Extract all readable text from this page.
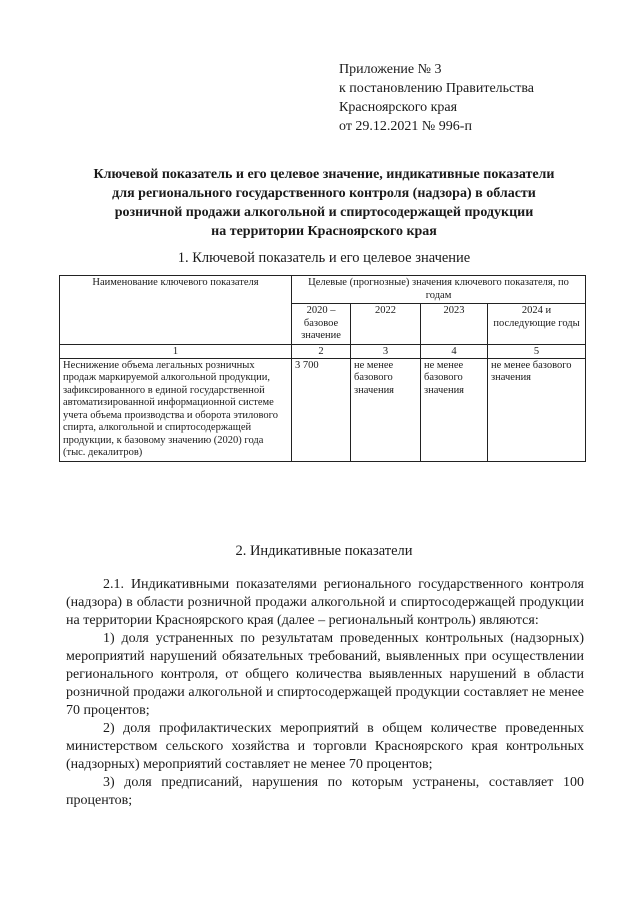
Приложение № 3
к постановлению Правительства
Красноярского края
от 29.12.2021 № 996-п
Ключевой показатель и его целевое значение, индикативные показатели
для регионального государственного контроля (надзора) в области
розничной продажи алкогольной и спиртосодержащей продукции
на территории Красноярского края
1. Ключевой показатель и его целевое значение
Наименование ключевого показателя	Целевые (прогнозные) значения ключевого показателя, по годам			
	2020 – базовое значение	2022	2023	2024 и последующие годы
1	2	3	4	5
Неснижение объема легальных розничных продаж маркируемой алкогольной продукции, зафиксированного в единой государственной автоматизированной информационной системе учета объема производства и оборота этилового спирта, алкогольной и спиртосодержащей продукции, к базовому значению (2020) года (тыс. декалитров)	3 700	не менее базового значения	не менее базового значения	не менее базового значения
2. Индикативные показатели

2.1. Индикативными показателями регионального государственного контроля (надзора) в области розничной продажи алкогольной и спиртосодержащей продукции на территории Красноярского края (далее – региональный контроль) являются:

1) доля устраненных по результатам проведенных контрольных (надзорных) мероприятий нарушений обязательных требований, выявленных при осуществлении регионального контроля, от общего количества выявленных нарушений в области розничной продажи алкогольной и спиртосодержащей продукции составляет не менее 70 процентов;

2) доля профилактических мероприятий в общем количестве проведенных министерством сельского хозяйства и торговли Красноярского края контрольных (надзорных) мероприятий составляет не менее 70 процентов;

3) доля предписаний, нарушения по которым устранены, составляет 100 процентов;
